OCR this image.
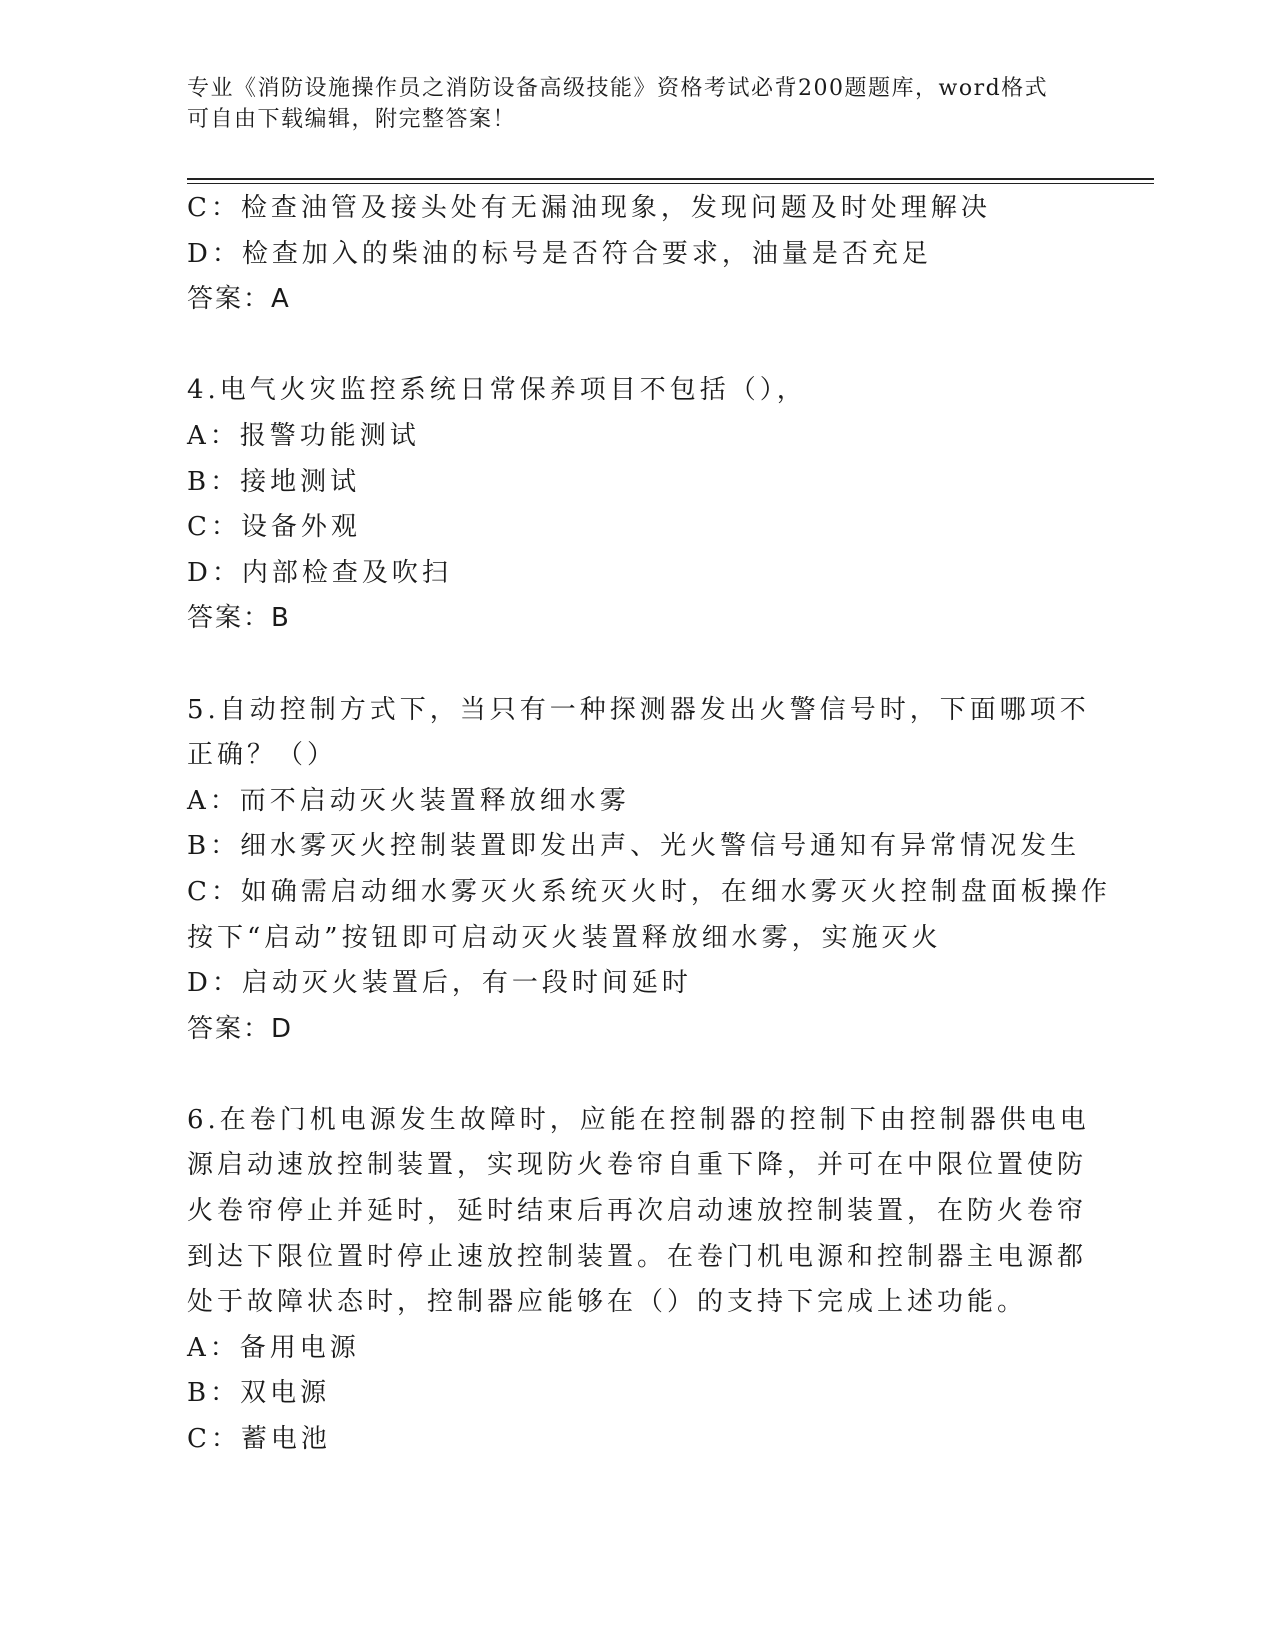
专业《消防设施操作员之消防设备高级技能》资格考试必背200题题库，word格式可自由下载编辑，附完整答案！
C：检查油管及接头处有无漏油现象，发现问题及时处理解决
D：检查加入的柴油的标号是否符合要求，油量是否充足
答案：A
4.电气火灾监控系统日常保养项目不包括（），
A：报警功能测试
B：接地测试
C：设备外观
D：内部检查及吹扫
答案：B
5.自动控制方式下，当只有一种探测器发出火警信号时，下面哪项不
正确？（）
A：而不启动灭火装置释放细水雾
B：细水雾灭火控制装置即发出声、光火警信号通知有异常情况发生
C：如确需启动细水雾灭火系统灭火时，在细水雾灭火控制盘面板操作
按下“启动”按钮即可启动灭火装置释放细水雾，实施灭火
D：启动灭火装置后，有一段时间延时
答案：D
6.在卷门机电源发生故障时，应能在控制器的控制下由控制器供电电
源启动速放控制装置，实现防火卷帘自重下降，并可在中限位置使防
火卷帘停止并延时，延时结束后再次启动速放控制装置，在防火卷帘
到达下限位置时停止速放控制装置。在卷门机电源和控制器主电源都
处于故障状态时，控制器应能够在（）的支持下完成上述功能。
A：备用电源
B：双电源
C：蓄电池
